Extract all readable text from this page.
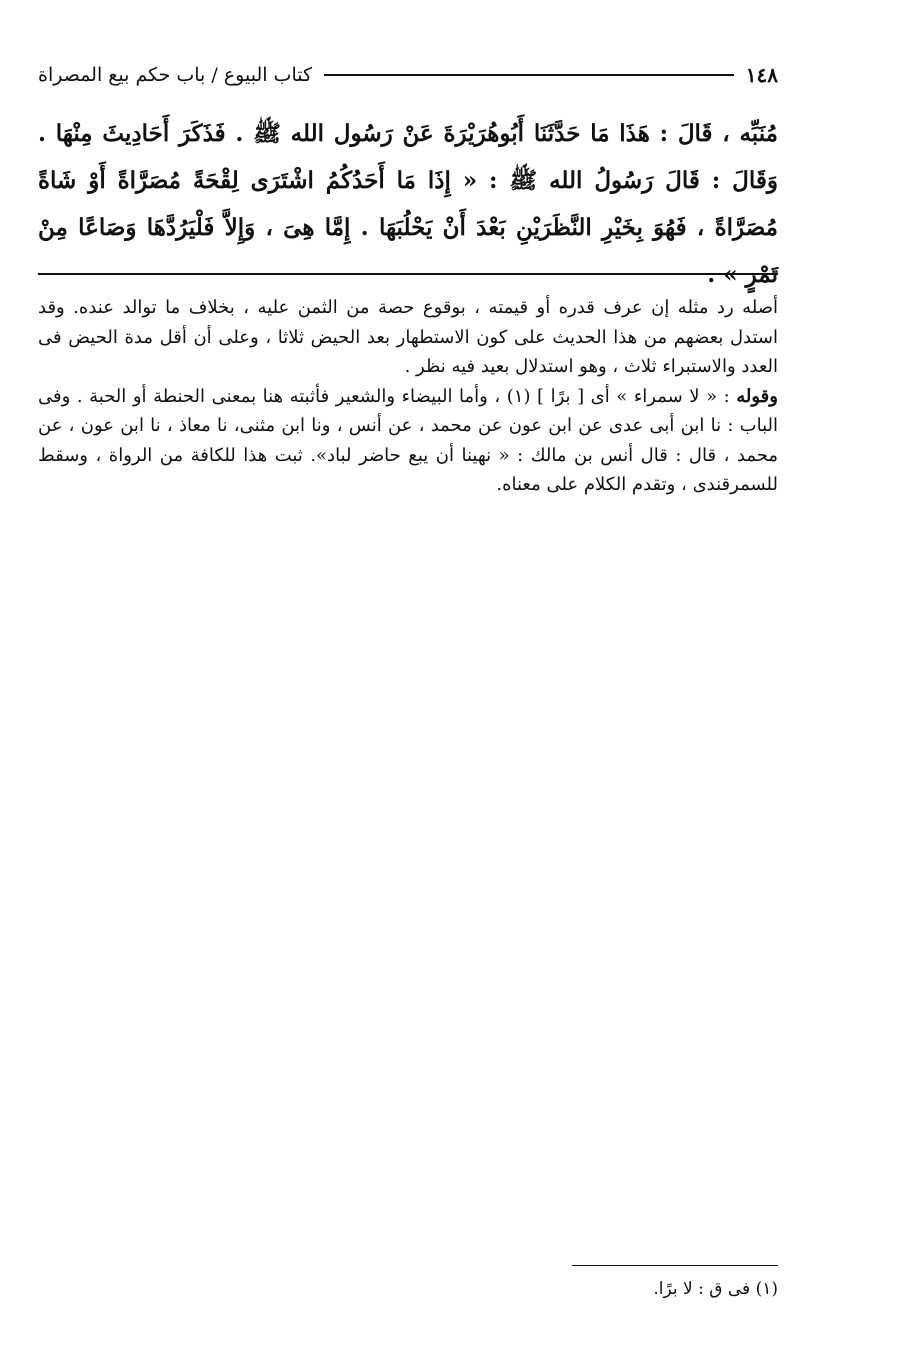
١٤٨
كتاب البيوع / باب حكم بيع المصراة
مُنَبِّه ، قَالَ : هَذَا مَا حَدَّثَنَا أَبُوهُرَيْرَةَ عَنْ رَسُول الله ﷺ . فَذَكَرَ أَحَادِيثَ مِنْهَا . وَقَالَ : قَالَ رَسُولُ الله ﷺ : « إِذَا مَا أَحَدُكُمُ اشْتَرَى لِقْحَةً مُصَرَّاةً أَوْ شَاةً مُصَرَّاةً ، فَهُوَ بِخَيْرِ النَّظَرَيْنِ بَعْدَ أَنْ يَحْلُبَهَا . إِمَّا هِىَ ، وَإِلاَّ فَلْيَرُدَّهَا وَصَاعًا مِنْ تَمْرٍ » .

أصله رد مثله إن عرف قدره أو قيمته ، بوقوع حصة من الثمن عليه ، بخلاف ما توالد عنده. وقد استدل بعضهم من هذا الحديث على كون الاستطهار بعد الحيض ثلاثا ، وعلى أن أقل مدة الحيض فى العدد والاستبراء ثلاث ، وهو استدلال بعيد فيه نظر .

وقوله : « لا سمراء » أى [ برًا ] (١) ، وأما البيضاء والشعير فأثبته هنا بمعنى الحنطة أو الحبة . وفى الباب : نا ابن أبى عدى عن ابن عون عن محمد ، عن أنس ، ونا ابن مثنى، نا معاذ ، نا ابن عون ، عن محمد ، قال : قال أنس بن مالك : « نهينا أن يبع حاضر لباد». ثبت هذا للكافة من الرواة ، وسقط للسمرقندى ، وتقدم الكلام على معناه.

(١) فى ق : لا برًا.
